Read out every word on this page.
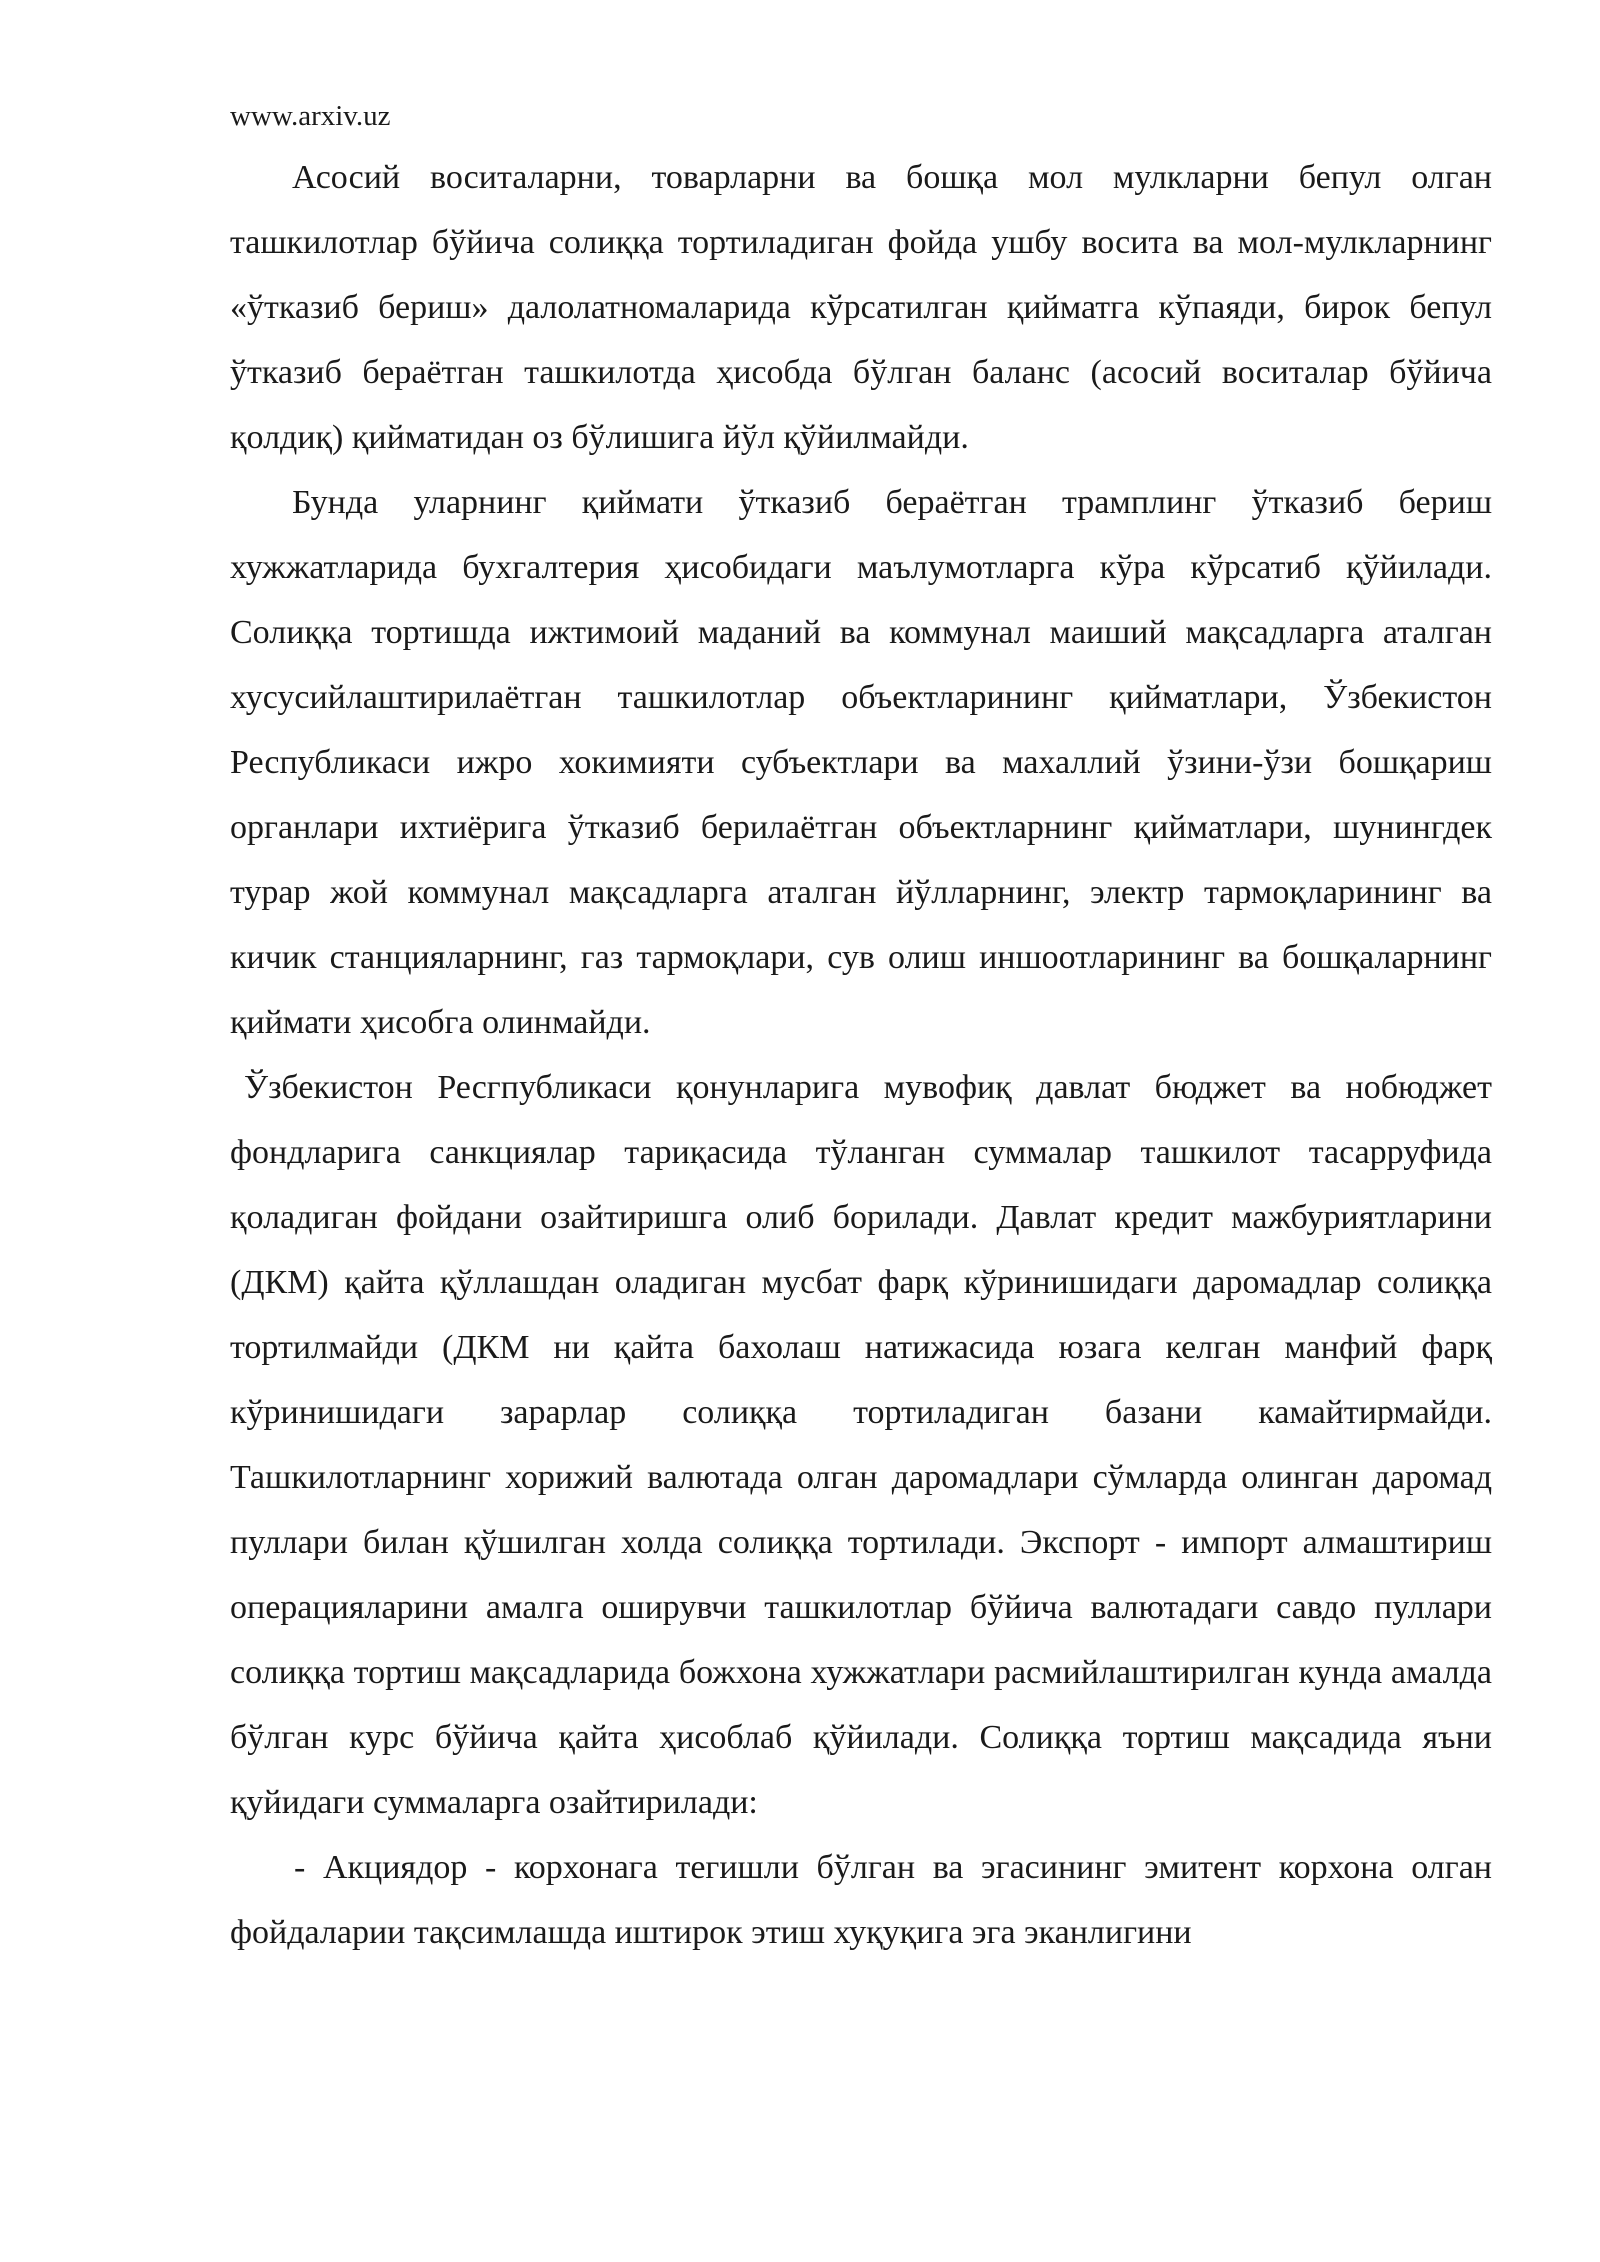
www.arxiv.uz

Асосий воситаларни, товарларни ва бошқа мол мулкларни бепул олган ташкилотлар бўйича солиққа тортиладиган фойда ушбу восита ва мол-мулкларнинг «ўтказиб бериш» далолатномаларида кўрсатилган қийматга кўпаяди, бирок бепул ўтказиб бераётган ташкилотда ҳисобда бўлган баланс (асосий воситалар бўйича қолдиқ) қийматидан оз бўлишига йўл қўйилмайди.

Бунда уларнинг қиймати ўтказиб бераётган трамплинг ўтказиб бериш хужжатларида бухгалтерия ҳисобидаги маълумотларга кўра кўрсатиб қўйилади. Солиққа тортишда ижтимоий маданий ва коммунал маиший мақсадларга аталган хусусийлаштирилаётган ташкилотлар объектларининг қийматлари, Ўзбекистон Республикаси ижро хокимияти субъектлари ва махаллий ўзини-ўзи бошқариш органлари ихтиёрига ўтказиб берилаётган объектларнинг қийматлари, шунингдек турар жой коммунал мақсадларга аталган йўлларнинг, электр тармоқларининг ва кичик станцияларнинг, газ тармоқлари, сув олиш иншоотларининг ва бошқаларнинг қиймати ҳисобга олинмайди.

Ўзбекистон Ресгпубликаси қонунларига мувофиқ давлат бюджет ва нобюджет фондларига санкциялар тариқасида тўланган суммалар ташкилот тасарруфида қоладиган фойдани озайтиришга олиб борилади. Давлат кредит мажбуриятларини (ДКМ) қайта қўллашдан оладиган мусбат фарқ кўринишидаги даромадлар солиққа тортилмайди (ДКМ ни қайта бахолаш натижасида юзага келган манфий фарқ кўринишидаги зарарлар солиққа тортиладиган базани камайтирмайди. Ташкилотларнинг хорижий валютада олган даромадлари сўмларда олинган даромад пуллари билан қўшилган холда солиққа тортилади. Экспорт - импорт алмаштириш операцияларини амалга оширувчи ташкилотлар бўйича валютадаги савдо пуллари солиққа тортиш мақсадларида божхона хужжатлари расмийлаштирилган кунда амалда бўлган курс бўйича қайта ҳисоблаб қўйилади. Солиққа тортиш мақсадида яъни қуйидаги суммаларга озайтирилади:

- Акциядор - корхонага тегишли бўлган ва эгасининг эмитент корхона олган фойдаларии тақсимлашда иштирок этиш хуқуқига эга эканлигини
